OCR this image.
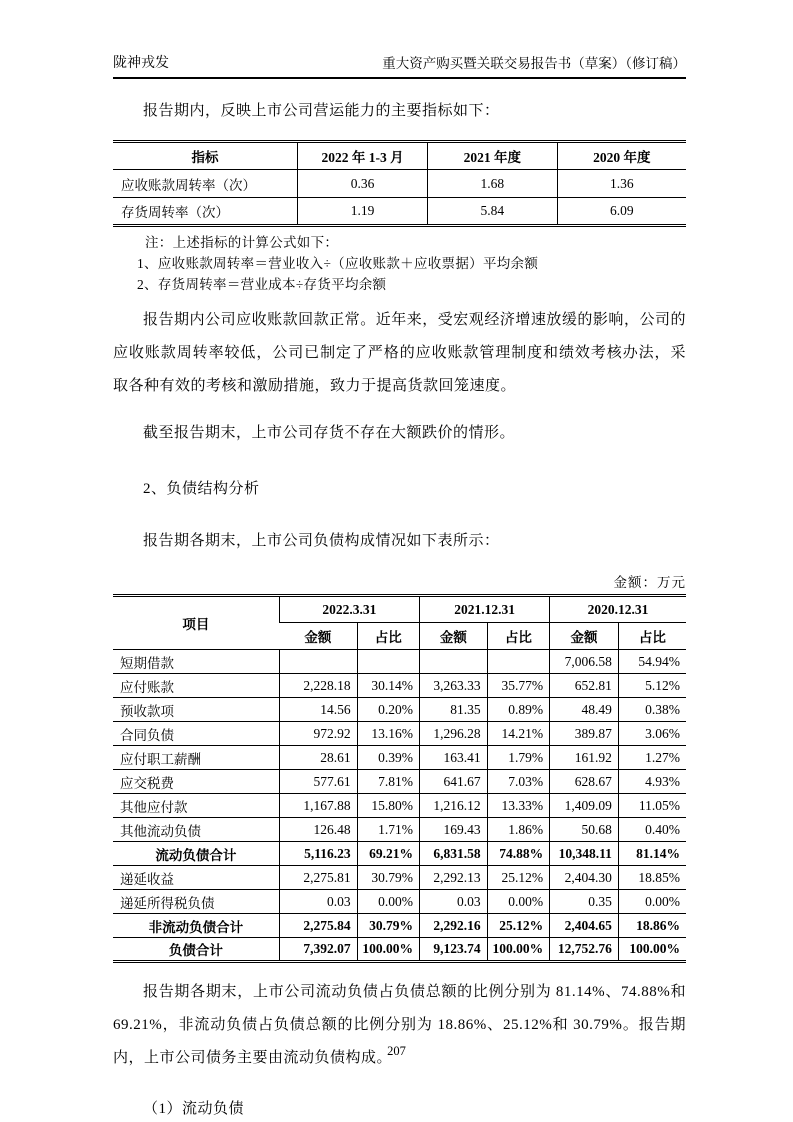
陇神戎发	重大资产购买暨关联交易报告书（草案）（修订稿）

报告期内，反映上市公司营运能力的主要指标如下：

指标	2022 年 1-3 月	2021 年度	2020 年度
应收账款周转率（次）	0.36	1.68	1.36
存货周转率（次）	1.19	5.84	6.09
注：上述指标的计算公式如下：
1、应收账款周转率＝营业收入÷（应收账款＋应收票据）平均余额
2、存货周转率＝营业成本÷存货平均余额

报告期内公司应收账款回款正常。近年来，受宏观经济增速放缓的影响，公司的应收账款周转率较低，公司已制定了严格的应收账款管理制度和绩效考核办法，采取各种有效的考核和激励措施，致力于提高货款回笼速度。

截至报告期末，上市公司存货不存在大额跌价的情形。

2、负债结构分析

报告期各期末，上市公司负债构成情况如下表所示：

金额：万元
项目	2022.3.31		2021.12.31		2020.12.31	
	金额	占比	金额	占比	金额	占比
短期借款					7,006.58	54.94%
应付账款	2,228.18	30.14%	3,263.33	35.77%	652.81	5.12%
预收款项	14.56	0.20%	81.35	0.89%	48.49	0.38%
合同负债	972.92	13.16%	1,296.28	14.21%	389.87	3.06%
应付职工薪酬	28.61	0.39%	163.41	1.79%	161.92	1.27%
应交税费	577.61	7.81%	641.67	7.03%	628.67	4.93%
其他应付款	1,167.88	15.80%	1,216.12	13.33%	1,409.09	11.05%
其他流动负债	126.48	1.71%	169.43	1.86%	50.68	0.40%
流动负债合计	5,116.23	69.21%	6,831.58	74.88%	10,348.11	81.14%
递延收益	2,275.81	30.79%	2,292.13	25.12%	2,404.30	18.85%
递延所得税负债	0.03	0.00%	0.03	0.00%	0.35	0.00%
非流动负债合计	2,275.84	30.79%	2,292.16	25.12%	2,404.65	18.86%
负债合计	7,392.07	100.00%	9,123.74	100.00%	12,752.76	100.00%

报告期各期末，上市公司流动负债占负债总额的比例分别为 81.14%、74.88%和 69.21%，非流动负债占负债总额的比例分别为 18.86%、25.12%和 30.79%。报告期内，上市公司债务主要由流动负债构成。

（1）流动负债
207
